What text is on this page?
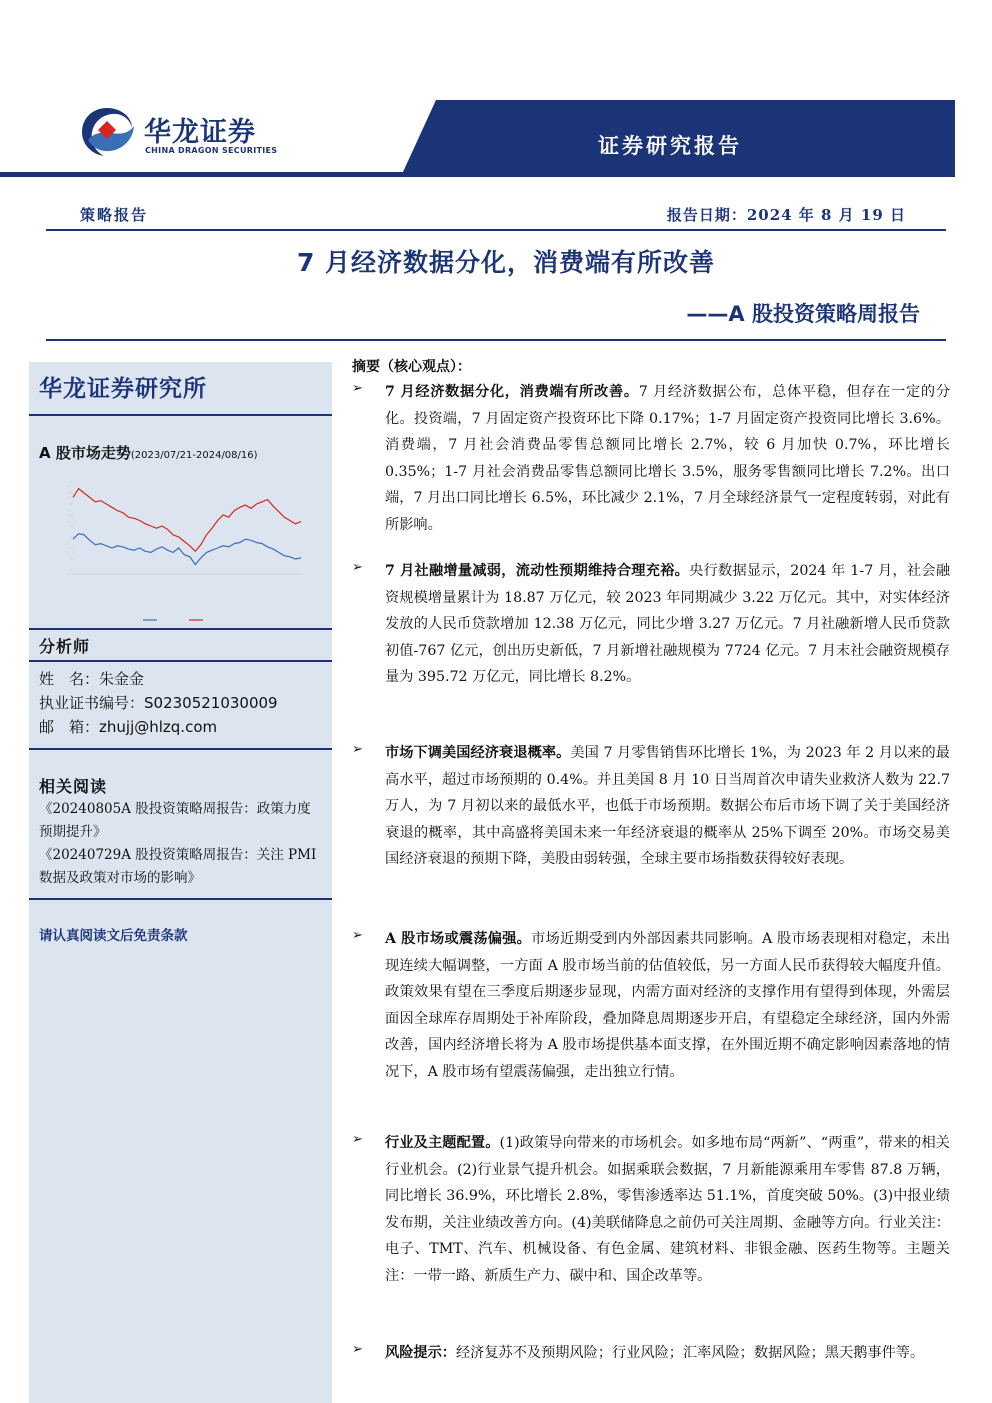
华龙证券
CHINA DRAGON SECURITIES	证券研究报告
策略报告	报告日期：2024 年 8 月 19 日
7 月经济数据分化，消费端有所改善
——A 股投资策略周报告
华龙证券研究所
A 股市场走势(2023/07/21-2024/08/16)
分析师
姓　名：朱金金
执业证书编号：S0230521030009
邮　箱：zhujj@hlzq.com
相关阅读
《20240805A 股投资策略周报告：政策力度预期提升》
《20240729A 股投资策略周报告：关注 PMI 数据及政策对市场的影响》
请认真阅读文后免责条款
摘要（核心观点）：
➢ 7 月经济数据分化，消费端有所改善。7 月经济数据公布，总体平稳，但存在一定的分化。投资端，7 月固定资产投资环比下降 0.17%；1-7 月固定资产投资同比增长 3.6%。消费端，7 月社会消费品零售总额同比增长 2.7%，较 6 月加快 0.7%，环比增长 0.35%；1-7 月社会消费品零售总额同比增长 3.5%，服务零售额同比增长 7.2%。出口端，7 月出口同比增长 6.5%，环比减少 2.1%，7 月全球经济景气一定程度转弱，对此有所影响。
➢ 7 月社融增量减弱，流动性预期维持合理充裕。央行数据显示，2024 年 1-7 月，社会融资规模增量累计为 18.87 万亿元，较 2023 年同期减少 3.22 万亿元。其中，对实体经济发放的人民币贷款增加 12.38 万亿元，同比少增 3.27 万亿元。7 月社融新增人民币贷款初值-767 亿元，创出历史新低，7 月新增社融规模为 7724 亿元。7 月末社会融资规模存量为 395.72 万亿元，同比增长 8.2%。
➢ 市场下调美国经济衰退概率。美国 7 月零售销售环比增长 1%，为 2023 年 2 月以来的最高水平，超过市场预期的 0.4%。并且美国 8 月 10 日当周首次申请失业救济人数为 22.7 万人，为 7 月初以来的最低水平，也低于市场预期。数据公布后市场下调了关于美国经济衰退的概率，其中高盛将美国未来一年经济衰退的概率从 25%下调至 20%。市场交易美国经济衰退的预期下降，美股由弱转强，全球主要市场指数获得较好表现。
➢ A 股市场或震荡偏强。市场近期受到内外部因素共同影响。A 股市场表现相对稳定，未出现连续大幅调整，一方面 A 股市场当前的估值较低，另一方面人民币获得较大幅度升值。政策效果有望在三季度后期逐步显现，内需方面对经济的支撑作用有望得到体现，外需层面因全球库存周期处于补库阶段，叠加降息周期逐步开启，有望稳定全球经济，国内外需改善，国内经济增长将为 A 股市场提供基本面支撑，在外围近期不确定影响因素落地的情况下，A 股市场有望震荡偏强，走出独立行情。
➢ 行业及主题配置。(1)政策导向带来的市场机会。如多地布局“两新”、“两重”，带来的相关行业机会。(2)行业景气提升机会。如据乘联会数据，7 月新能源乘用车零售 87.8 万辆，同比增长 36.9%，环比增长 2.8%，零售渗透率达 51.1%，首度突破 50%。(3)中报业绩发布期，关注业绩改善方向。(4)美联储降息之前仍可关注周期、金融等方向。行业关注：电子、TMT、汽车、机械设备、有色金属、建筑材料、非银金融、医药生物等。主题关注：一带一路、新质生产力、碳中和、国企改革等。
➢ 风险提示：经济复苏不及预期风险；行业风险；汇率风险；数据风险；黑天鹅事件等。
